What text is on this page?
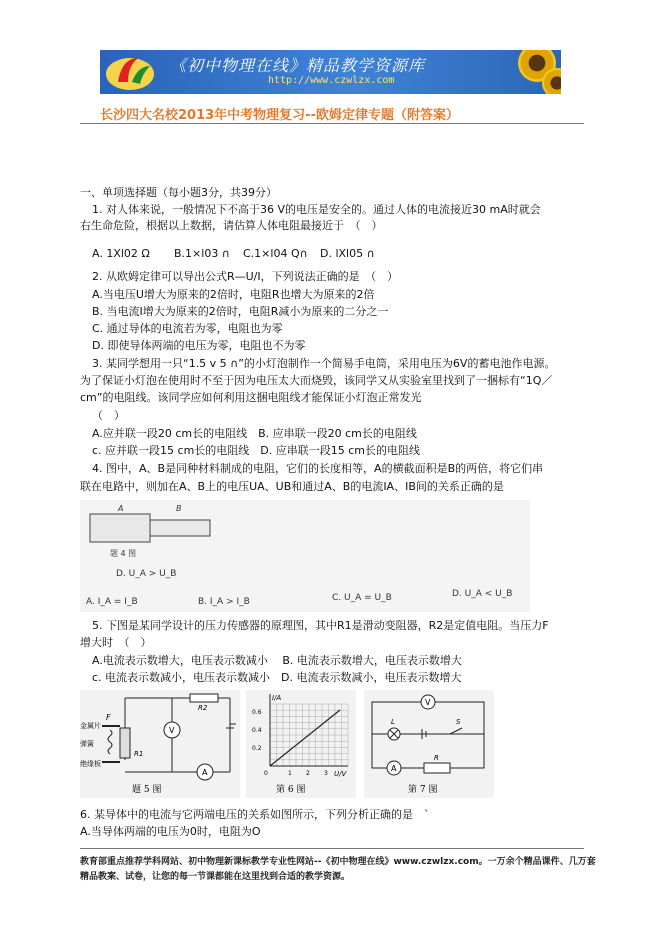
《初中物理在线》精品教学资源库
http://www.czwlzx.com
长沙四大名校2013年中考物理复习--欧姆定律专题（附答案）
一、单项选择题（每小题3分，共39分）
1. 对人体来说，一般情况下不高于36 V的电压是安全的。通过人体的电流接近30 mA时就会
右生命危险，根据以上数据，请估算人体电阻最接近于　（　）
A. 1Xl02 Ω B.1×l03 ∩ C.1×l04 Q∩ D. lXl05 ∩
2. 从欧姆定律可以导出公式R—U/I，下列说法正确的是　（　）
A.当电压U增大为原来的2倍时，电阻R也增大为原来的2倍
B. 当电流I增大为原来的2倍时，电阻R减小为原来的二分之一
C. 通过导体的电流若为零，电阻也为零
D. 即使导体两端的电压为零，电阻也不为零
3. 某同学想用一只“1.5 v 5 ∩”的小灯泡制作一个简易手电筒，采用电压为6V的蓄电池作电源。
为了保证小灯泡在使用时不至于因为电压太大而烧毁，该同学又从实验室里找到了一捆标有“1Q／
cm”的电阻线。该同学应如何利用这捆电阻线才能保证小灯泡正常发光
（　）
A.应并联一段20 cm长的电阻线　B. 应串联一段20 cm长的电阻线
c. 应并联一段15 cm长的电阻线　D. 应串联一段15 cm长的电阻线
4. 图中，A、B是同种材料制成的电阻，它们的长度相等，A的横截面积是B的两倍，将它们串
联在电路中，则加在A、B上的电压UA、UB和通过A、B的电流IA、IB间的关系正确的是
A	B
题 4 图
D. U_A > U_B
A. I_A = I_B	B. I_A > I_B	C. U_A = U_B	D. U_A < U_B
5. 下图是某同学设计的压力传感器的原理图，其中R1是滑动变阻器，R2是定值电阻。当压力F
增大时　（　）
A.电流表示数增大，电压表示数减小　 B. 电流表示数增大，电压表示数增大
c. 电流表示数减小，电压表示数减小　D. 电流表示数减小，电压表示数增大
V
A
金属片
弹簧
绝缘板
F
R1
R2
题 5 图
I/A
U/V
0.6
0.4
0.2
0	1 2 3
第 6 图
V
L	S
R
A
第 7 图
6. 某导体中的电流与它两端电压的关系如图所示，下列分析正确的是　`
A.当导体两端的电压为0时，电阻为O
教育部重点推荐学科网站、初中物理新课标教学专业性网站--《初中物理在线》www.czwlzx.com。一万余个精品课件、几万套精品教案、试卷，让您的每一节课都能在这里找到合适的教学资源。
